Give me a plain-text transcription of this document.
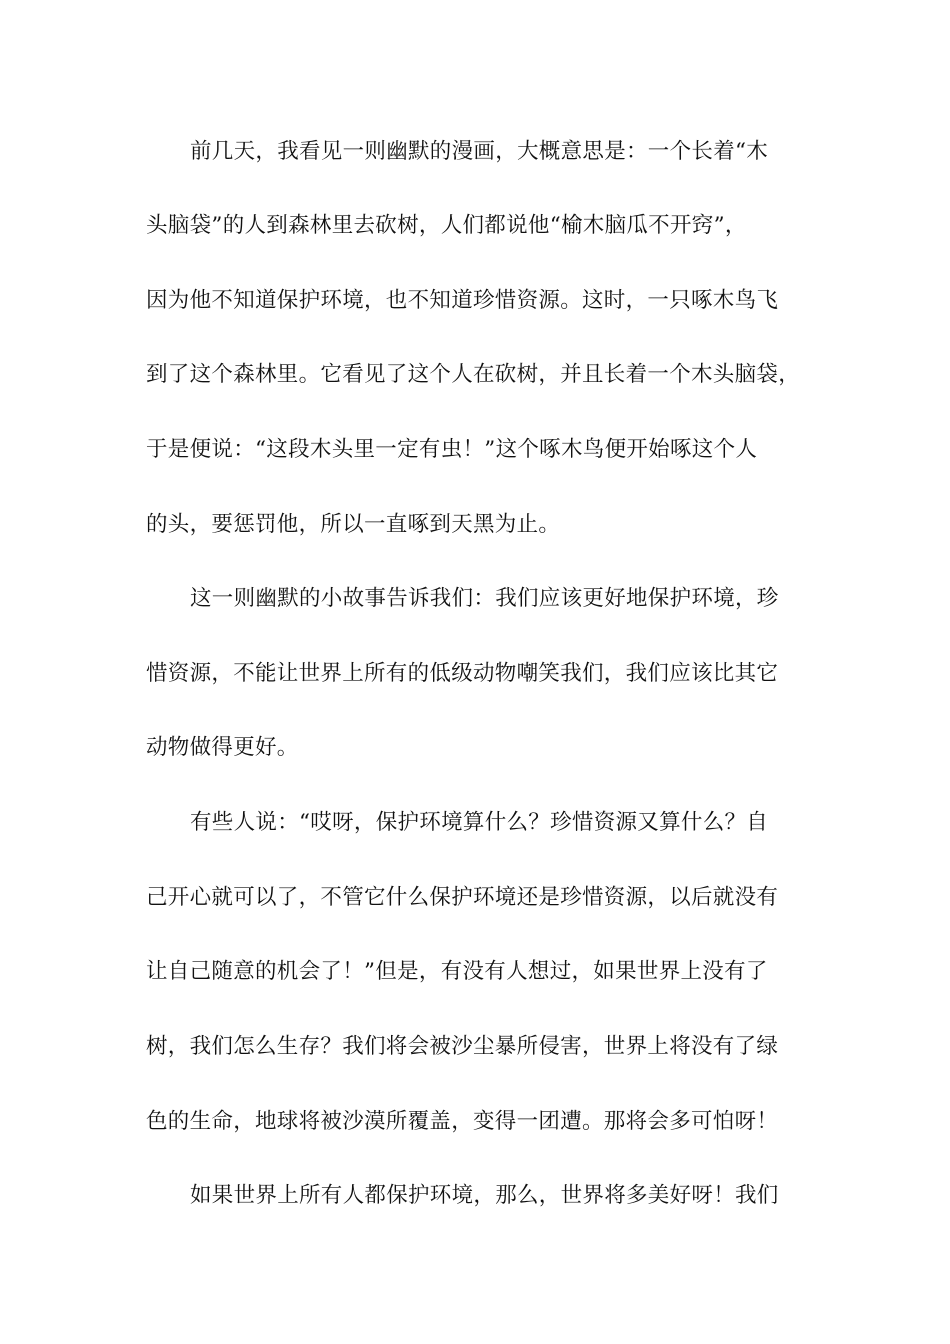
前几天，我看见一则幽默的漫画，大概意思是：一个长着“木
头脑袋”的人到森林里去砍树，人们都说他“榆木脑瓜不开窍”，
因为他不知道保护环境，也不知道珍惜资源。这时，一只啄木鸟飞
到了这个森林里。它看见了这个人在砍树，并且长着一个木头脑袋，
于是便说：“这段木头里一定有虫！”这个啄木鸟便开始啄这个人
的头，要惩罚他，所以一直啄到天黑为止。
这一则幽默的小故事告诉我们：我们应该更好地保护环境，珍
惜资源，不能让世界上所有的低级动物嘲笑我们，我们应该比其它
动物做得更好。
有些人说：“哎呀，保护环境算什么？珍惜资源又算什么？自
己开心就可以了，不管它什么保护环境还是珍惜资源，以后就没有
让自己随意的机会了！”但是，有没有人想过，如果世界上没有了
树，我们怎么生存？我们将会被沙尘暴所侵害，世界上将没有了绿
色的生命，地球将被沙漠所覆盖，变得一团遭。那将会多可怕呀！
如果世界上所有人都保护环境，那么，世界将多美好呀！我们
